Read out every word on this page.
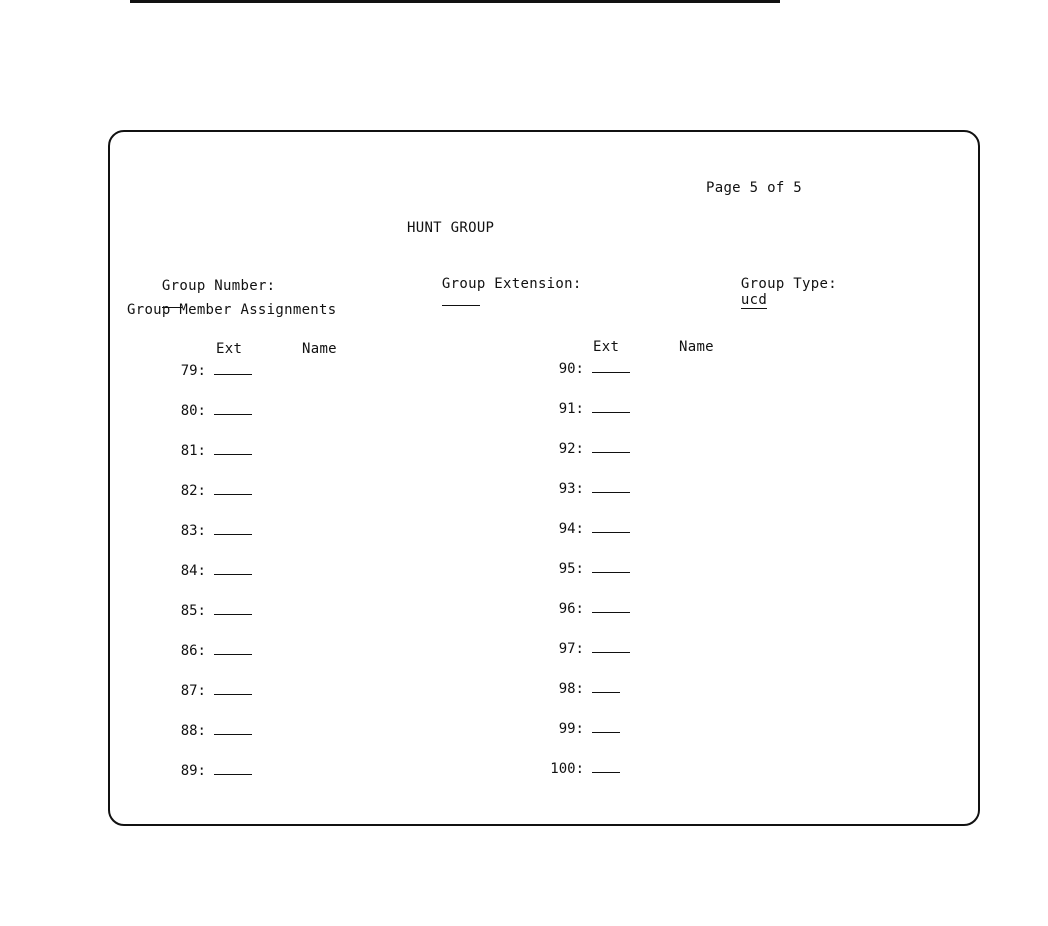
Page 5 of 5
HUNT GROUP

Group Number:

	Group Extension:

	Group Type:
ucd

Group Member Assignments
Ext	Name	Ext	Name
79:
80:
81:
82:
83:
84:
85:
86:
87:
88:
89:
90:
91:
92:
93:
94:
95:
96:
97:
98:
99:
100:
